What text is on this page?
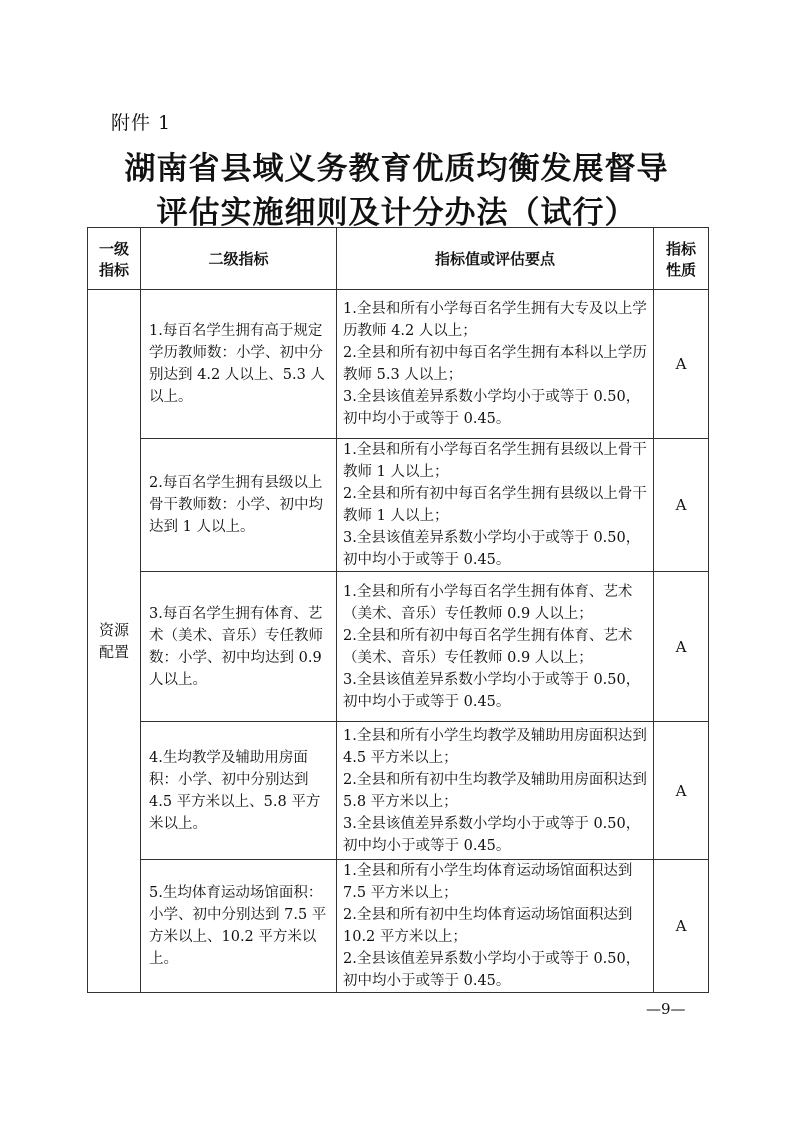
附件 1
湖南省县域义务教育优质均衡发展督导
评估实施细则及计分办法（试行）
一级
指标	二级指标	指标值或评估要点	指标
性质
资源
配置	1.每百名学生拥有高于规定学历教师数：小学、初中分别达到 4.2 人以上、5.3 人以上。	1.全县和所有小学每百名学生拥有大专及以上学历教师 4.2 人以上；
2.全县和所有初中每百名学生拥有本科以上学历教师 5.3 人以上；
3.全县该值差异系数小学均小于或等于 0.50，初中均小于或等于 0.45。	A
	2.每百名学生拥有县级以上骨干教师数：小学、初中均达到 1 人以上。	1.全县和所有小学每百名学生拥有县级以上骨干教师 1 人以上；
2.全县和所有初中每百名学生拥有县级以上骨干教师 1 人以上；
3.全县该值差异系数小学均小于或等于 0.50，初中均小于或等于 0.45。	A
	3.每百名学生拥有体育、艺术（美术、音乐）专任教师数：小学、初中均达到 0.9 人以上。	1.全县和所有小学每百名学生拥有体育、艺术（美术、音乐）专任教师 0.9 人以上；
2.全县和所有初中每百名学生拥有体育、艺术（美术、音乐）专任教师 0.9 人以上；
3.全县该值差异系数小学均小于或等于 0.50，初中均小于或等于 0.45。	A
	4.生均教学及辅助用房面积：小学、初中分别达到 4.5 平方米以上、5.8 平方米以上。	1.全县和所有小学生均教学及辅助用房面积达到 4.5 平方米以上；
2.全县和所有初中生均教学及辅助用房面积达到 5.8 平方米以上；
3.全县该值差异系数小学均小于或等于 0.50，初中均小于或等于 0.45。	A
	5.生均体育运动场馆面积：小学、初中分别达到 7.5 平方米以上、10.2 平方米以上。	1.全县和所有小学生均体育运动场馆面积达到 7.5 平方米以上；
2.全县和所有初中生均体育运动场馆面积达到 10.2 平方米以上；
2.全县该值差异系数小学均小于或等于 0.50，初中均小于或等于 0.45。	A
—9—
